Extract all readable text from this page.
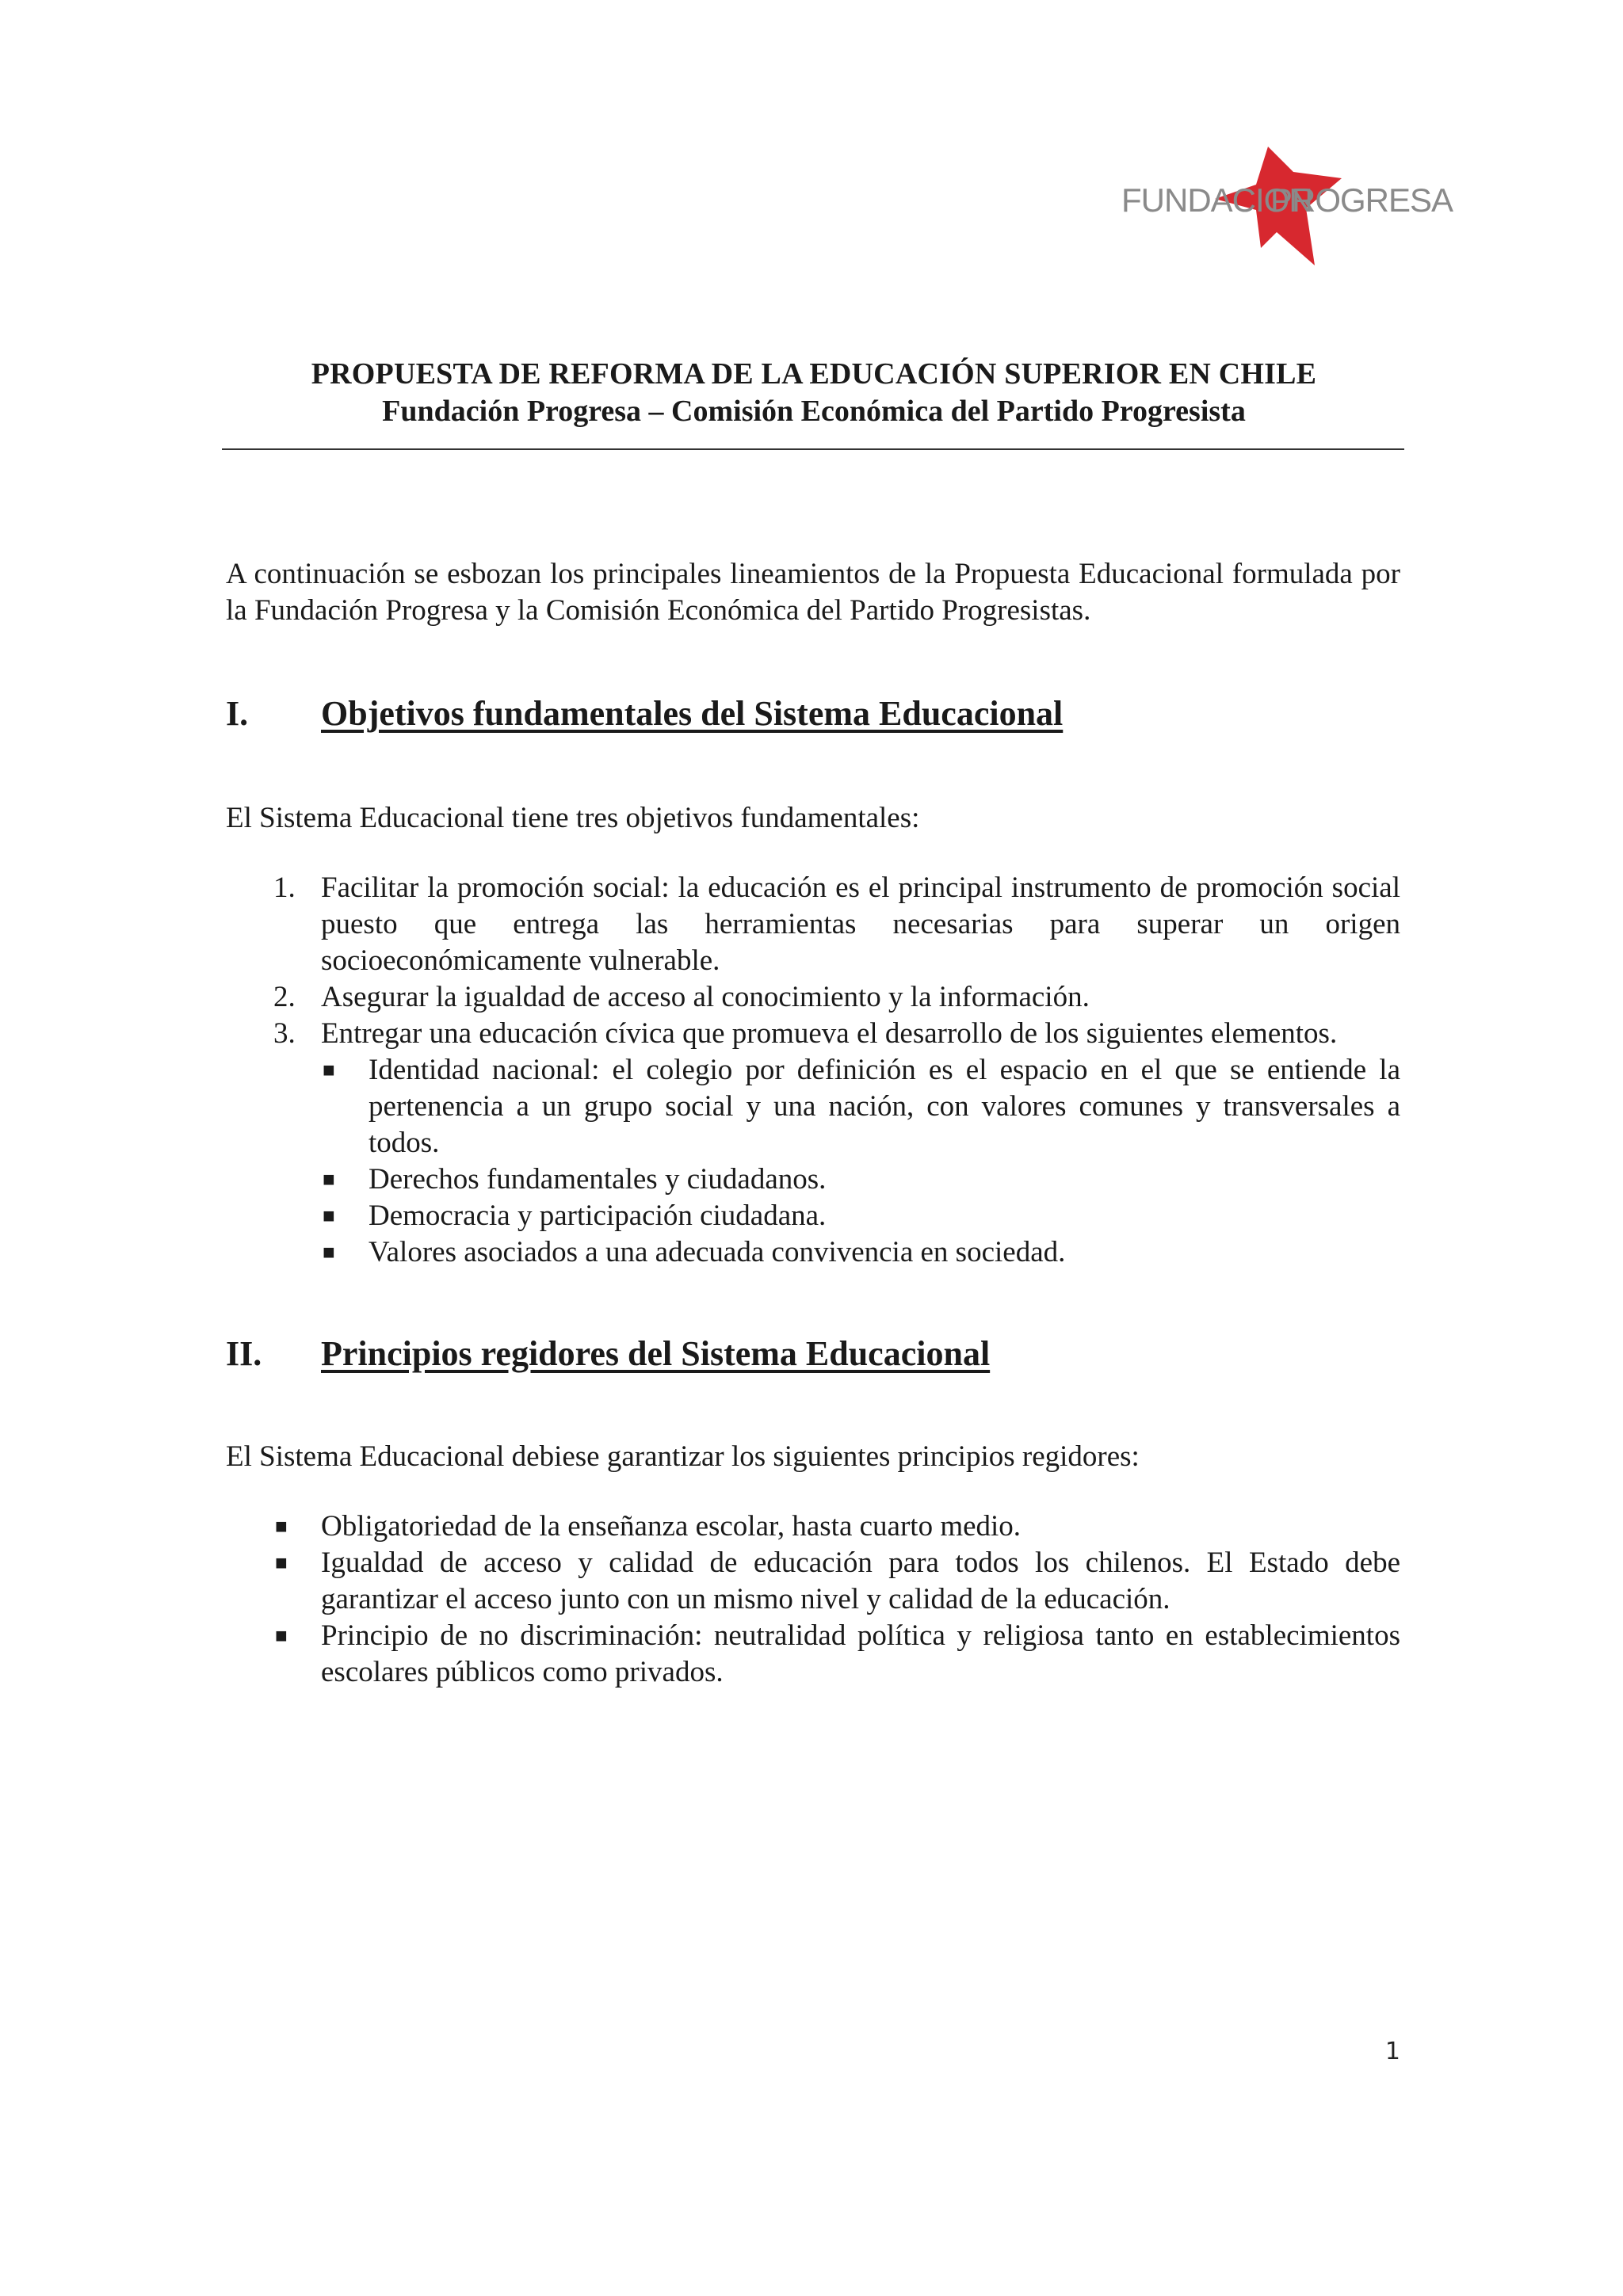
FUNDACION
PROGRESA
PROPUESTA DE REFORMA DE LA EDUCACIÓN SUPERIOR EN CHILE
Fundación Progresa – Comisión Económica del Partido Progresista
A continuación se esbozan los principales lineamientos de la Propuesta Educacional formulada por la Fundación Progresa y la Comisión Económica del Partido Progresistas.
I. Objetivos fundamentales del Sistema Educacional
El Sistema Educacional tiene tres objetivos fundamentales:
1. Facilitar la promoción social: la educación es el principal instrumento de promoción social puesto que entrega las herramientas necesarias para superar un origen socioeconómicamente vulnerable.
2. Asegurar la igualdad de acceso al conocimiento y la información.
3. Entregar una educación cívica que promueva el desarrollo de los siguientes elementos.
■ Identidad nacional: el colegio por definición es el espacio en el que se entiende la pertenencia a un grupo social y una nación, con valores comunes y transversales a todos.
■ Derechos fundamentales y ciudadanos.
■ Democracia y participación ciudadana.
■ Valores asociados a una adecuada convivencia en sociedad.
II. Principios regidores del Sistema Educacional
El Sistema Educacional debiese garantizar los siguientes principios regidores:
■ Obligatoriedad de la enseñanza escolar, hasta cuarto medio.
■ Igualdad de acceso y calidad de educación para todos los chilenos. El Estado debe garantizar el acceso junto con un mismo nivel y calidad de la educación.
■ Principio de no discriminación: neutralidad política y religiosa tanto en establecimientos escolares públicos como privados.
1
